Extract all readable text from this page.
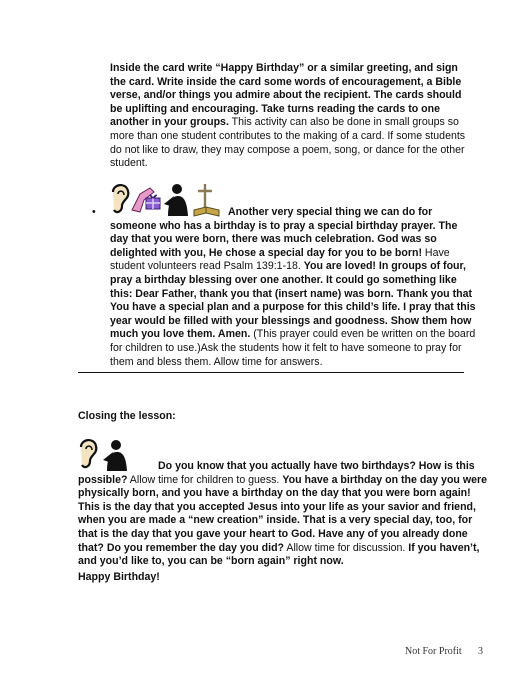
Inside the card write “Happy Birthday” or a similar greeting, and sign the card. Write inside the card some words of encouragement, a Bible verse, and/or things you admire about the recipient. The cards should be uplifting and encouraging. Take turns reading the cards to one another in your groups. This activity can also be done in small groups so more than one student contributes to the making of a card. If some students do not like to draw, they may compose a poem, song, or dance for the other student.

•	Another very special thing we can do for someone who has a birthday is to pray a special birthday prayer. The day that you were born, there was much celebration. God was so delighted with you, He chose a special day for you to be born! Have student volunteers read Psalm 139:1-18. You are loved! In groups of four, pray a birthday blessing over one another. It could go something like this: Dear Father, thank you that (insert name) was born. Thank you that You have a special plan and a purpose for this child’s life. I pray that this year would be filled with your blessings and goodness. Show them how much you love them. Amen. (This prayer could even be written on the board for children to use.)Ask the students how it felt to have someone to pray for them and bless them. Allow time for answers.

Closing the lesson:

Do you know that you actually have two birthdays? How is this possible? Allow time for children to guess. You have a birthday on the day you were physically born, and you have a birthday on the day that you were born again! This is the day that you accepted Jesus into your life as your savior and friend, when you are made a “new creation” inside. That is a very special day, too, for that is the day that you gave your heart to God. Have any of you already done that? Do you remember the day you did? Allow time for discussion. If you haven’t, and you’d like to, you can be “born again” right now.

Happy Birthday!

Not For Profit 3
